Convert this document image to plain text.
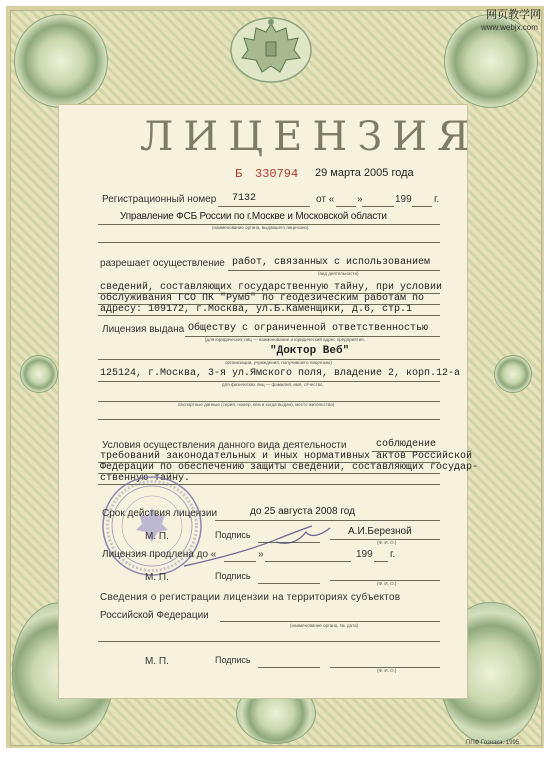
网页教学网
www.webjx.com
ЛИЦЕНЗИЯ
Б 330794 29 марта 2005 года
Регистрационный номер 7132	от « »	199 г.
Управление ФСБ России по г.Москве и Московской области
(наименование органа, выдавшего лицензию)
разрешает осуществление работ, связанных с использованием
(вид деятельности)
сведений, составляющих государственную тайну, при условии
обслуживания ГСО ПК "Румб" по геодезическим работам по
адресу: 109172, г.Москва, ул.Б.Каменщики, д.6, стр.1
Лицензия выдана Обществу с ограниченной ответственностью
(для юридических лиц — наименование и юридический адрес предприятия,
"Доктор Веб"
организации, учреждения, получившего лицензию)
125124, г.Москва, 3-я ул.Ямского поля, владение 2, корп.12-а
для физических лиц — фамилия, имя, отчество,
паспортные данные (серия, номер, кем и когда выдан), место жительства)
Условия осуществления данного вида деятельности	соблюдение
требований законодательных и иных нормативных актов Российской
Федерации по обеспечению защиты сведений, составляющих государ-
ственную тайну.
Срок действия лицензии	до 25 августа 2008 год
М. П.	Подпись	А.И.Березной
(Ф. И. О.)
Лицензия продлена до «	»	199 г.
М. П.	Подпись
(Ф. И. О.)
Сведения о регистрации лицензии на территориях субъектов
Российской Федерации
(наименование органа, №, дата)
М. П.	Подпись
(Ф. И. О.)
ППФ Гознака. 1995.
